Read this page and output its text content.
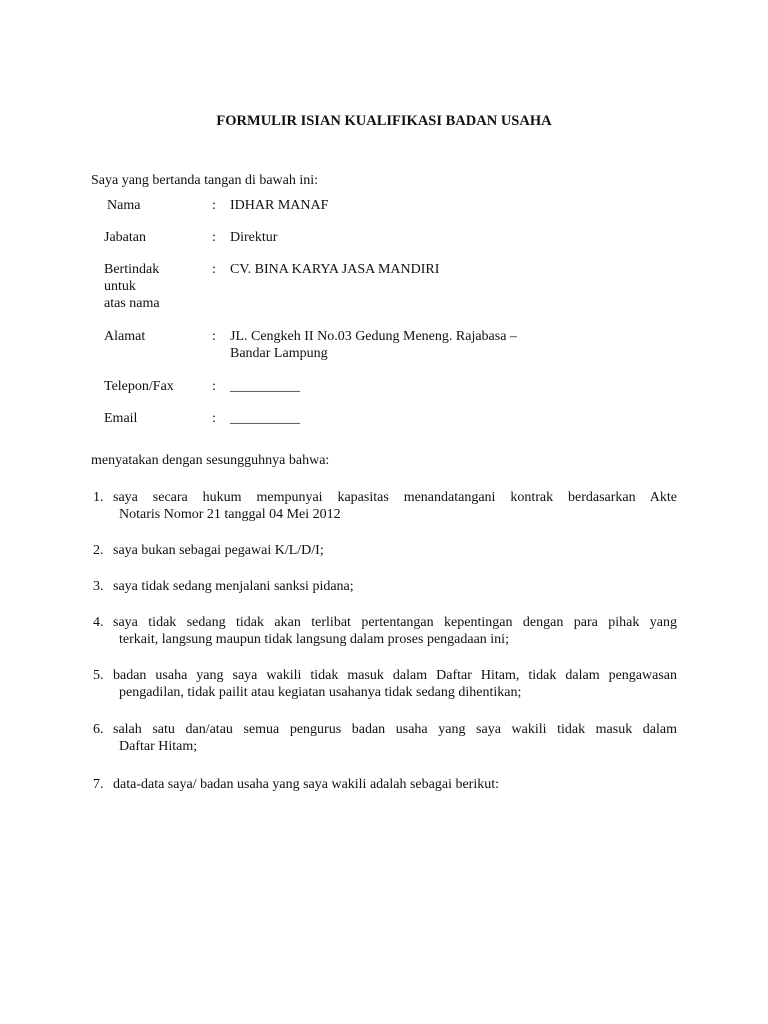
FORMULIR ISIAN KUALIFIKASI BADAN USAHA
Saya yang bertanda tangan di bawah ini:
Nama	: IDHAR MANAF
Jabatan	: Direktur
Bertindak
untuk
atas nama
: CV. BINA KARYA JASA MANDIRI
Alamat	: JL. Cengkeh II No.03 Gedung Meneng. Rajabasa –
Bandar Lampung
Telepon/Fax	: __________
Email	: __________
menyatakan dengan sesungguhnya bahwa:
1. saya secara hukum mempunyai kapasitas menandatangani kontrak berdasarkan Akte
Notaris Nomor 21 tanggal 04 Mei 2012
2. saya bukan sebagai pegawai K/L/D/I;
3. saya tidak sedang menjalani sanksi pidana;
4. saya tidak sedang tidak akan terlibat pertentangan kepentingan dengan para pihak yang
terkait, langsung maupun tidak langsung dalam proses pengadaan ini;
5. badan usaha yang saya wakili tidak masuk dalam Daftar Hitam, tidak dalam pengawasan
pengadilan, tidak pailit atau kegiatan usahanya tidak sedang dihentikan;
6. salah satu dan/atau semua pengurus badan usaha yang saya wakili tidak masuk dalam
Daftar Hitam;
7. data-data saya/ badan usaha yang saya wakili adalah sebagai berikut:
